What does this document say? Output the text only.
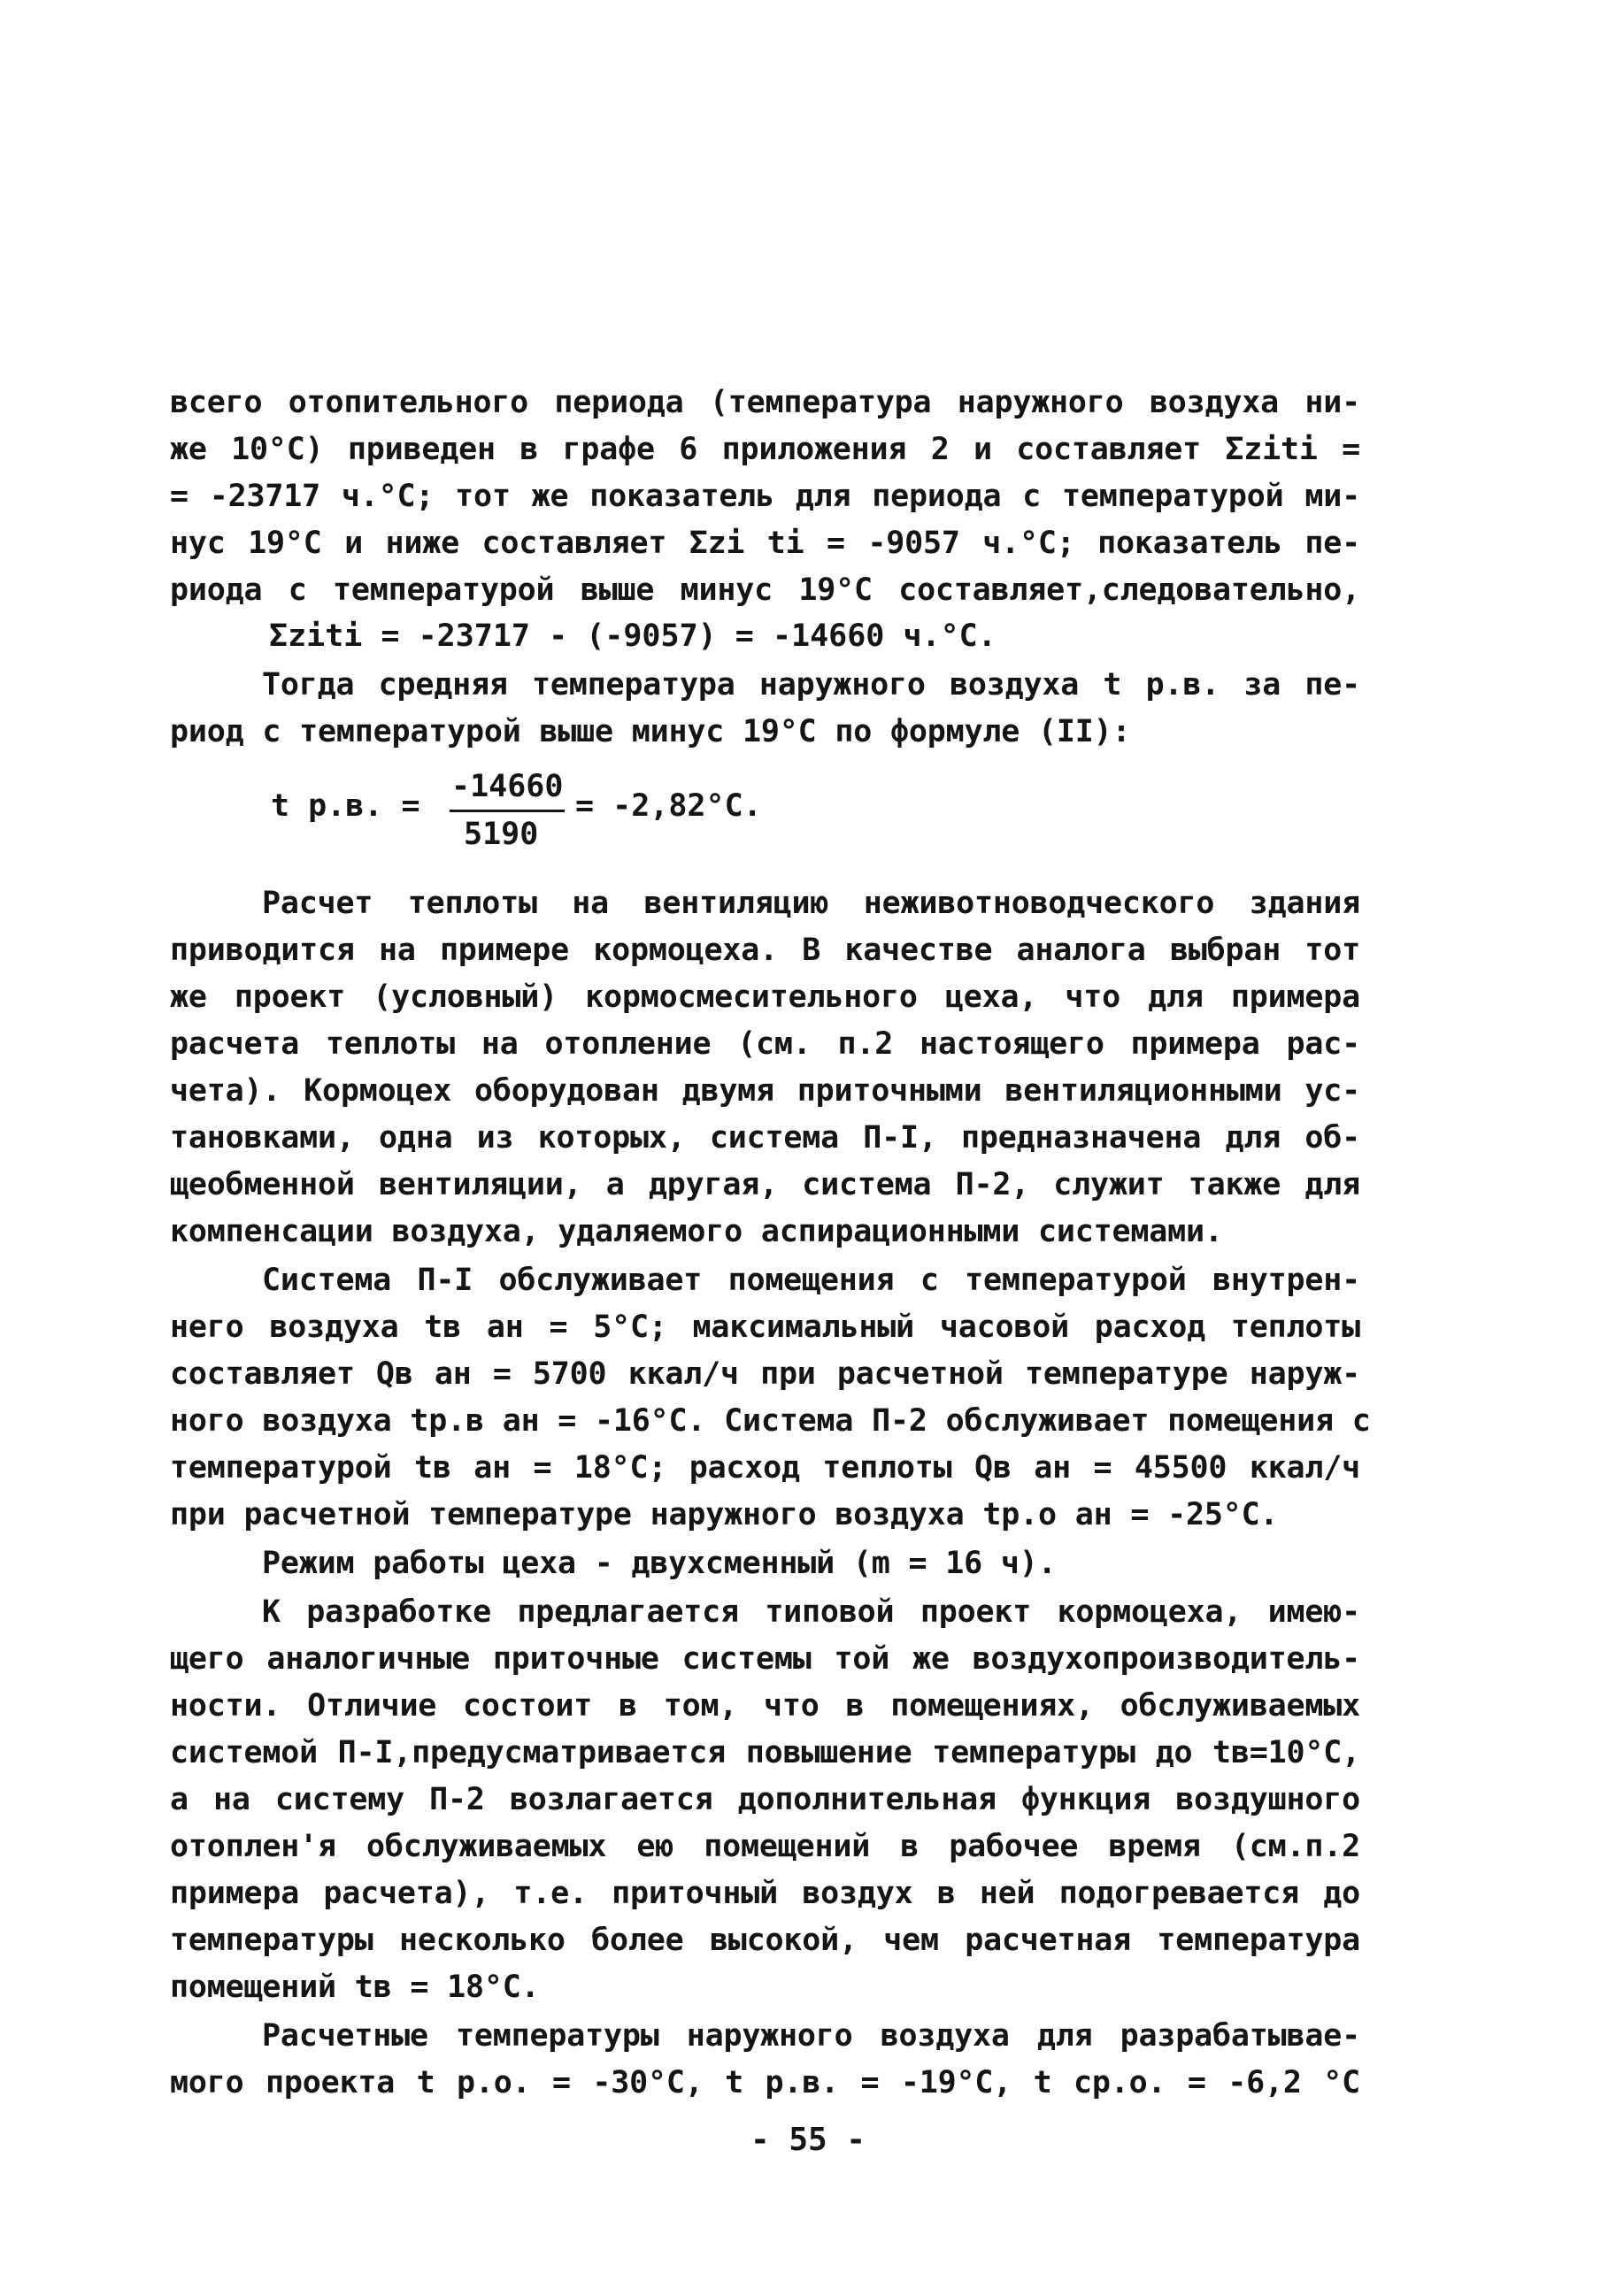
всего отопительного периода (температура наружного воздуха ни-
же 10°С) приведен в графе 6 приложения 2 и составляет Σziti =
= -23717 ч.°С; тот же показатель для периода с температурой ми-
нус 19°С и ниже составляет Σzi ti = -9057 ч.°С; показатель пе-
риода с температурой выше минус 19°С составляет,следовательно,
Σziti = -23717 - (-9057) = -14660 ч.°С.
Тогда средняя температура наружного воздуха t р.в. за пе-
риод с температурой выше минус 19°С по формуле (II):
t р.в. =
-14660
5190
= -2,82°С.
Расчет теплоты на вентиляцию неживотноводческого здания
приводится на примере кормоцеха. В качестве аналога выбран тот
же проект (условный) кормосмесительного цеха, что для примера
расчета теплоты на отопление (см. п.2 настоящего примера рас-
чета). Кормоцех оборудован двумя приточными вентиляционными ус-
тановками, одна из которых, система П-I, предназначена для об-
щеобменной вентиляции, а другая, система П-2, служит также для
компенсации воздуха, удаляемого аспирационными системами.
Система П-I обслуживает помещения с температурой внутрен-
него воздуха tв ан = 5°С; максимальный часовой расход теплоты
составляет Qв ан = 5700 ккал/ч при расчетной температуре наруж-
ного воздуха tр.в ан = -16°С. Система П-2 обслуживает помещения с
температурой tв ан = 18°С; расход теплоты Qв ан = 45500 ккал/ч
при расчетной температуре наружного воздуха tр.о ан = -25°С.
Режим работы цеха - двухсменный (m = 16 ч).
К разработке предлагается типовой проект кормоцеха, имею-
щего аналогичные приточные системы той же воздухопроизводитель-
ности. Отличие состоит в том, что в помещениях, обслуживаемых
системой П-I,предусматривается повышение температуры до tв=10°С,
а на систему П-2 возлагается дополнительная функция воздушного
отоплен'я обслуживаемых ею помещений в рабочее время (см.п.2
примера расчета), т.е. приточный воздух в ней подогревается до
температуры несколько более высокой, чем расчетная температура
помещений tв = 18°С.
Расчетные температуры наружного воздуха для разрабатывае-
мого проекта t р.о. = -30°С, t р.в. = -19°С, t ср.о. = -6,2 °С
- 55 -
